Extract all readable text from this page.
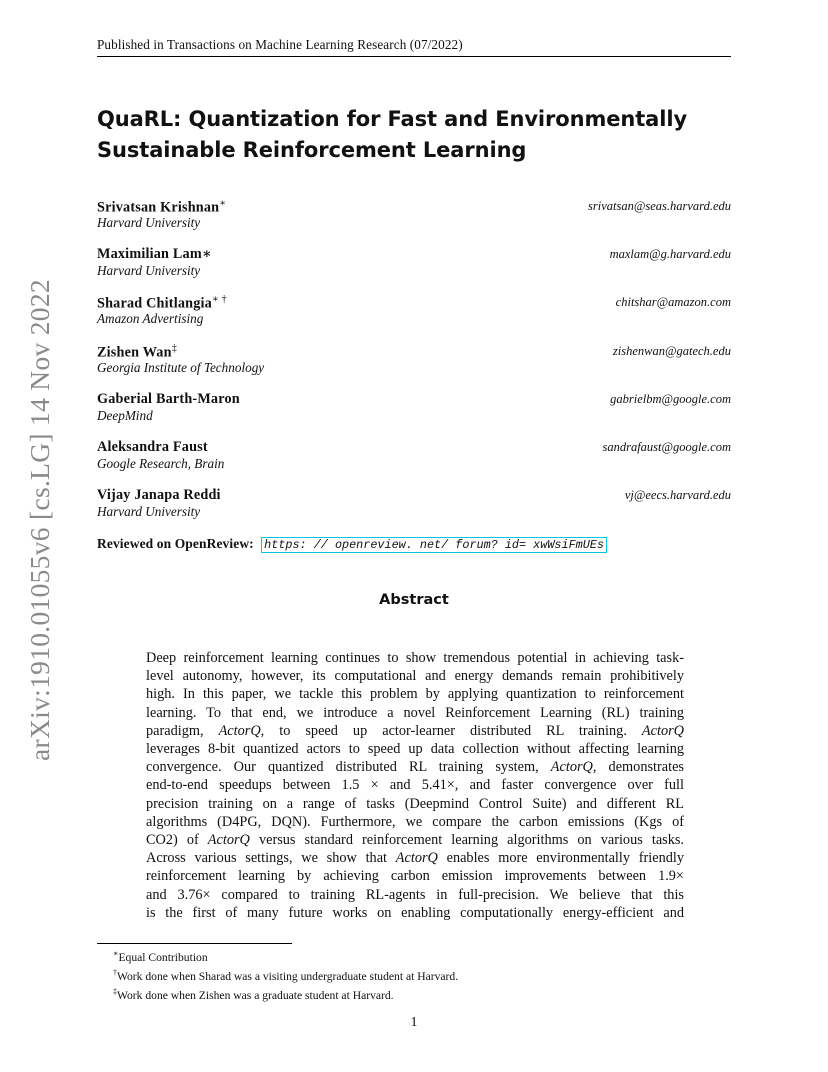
Published in Transactions on Machine Learning Research (07/2022)
arXiv:1910.01055v6 [cs.LG] 14 Nov 2022
QuaRL: Quantization for Fast and Environmentally
Sustainable Reinforcement Learning
Srivatsan Krishnan∗
Harvard University
srivatsan@seas.harvard.edu
Maximilian Lam∗
Harvard University
maxlam@g.harvard.edu
Sharad Chitlangia∗ †
Amazon Advertising
chitshar@amazon.com
Zishen Wan‡
Georgia Institute of Technology
zishenwan@gatech.edu
Gaberial Barth-Maron
DeepMind
gabrielbm@google.com
Aleksandra Faust
Google Research, Brain
sandrafaust@google.com
Vijay Janapa Reddi
Harvard University
vj@eecs.harvard.edu
Reviewed on OpenReview: https: // openreview. net/ forum? id= xwWsiFmUEs
Abstract
Deep reinforcement learning continues to show tremendous potential in achieving task-
level autonomy, however, its computational and energy demands remain prohibitively
high. In this paper, we tackle this problem by applying quantization to reinforcement
learning. To that end, we introduce a novel Reinforcement Learning (RL) training
paradigm, ActorQ, to speed up actor-learner distributed RL training. ActorQ
leverages 8-bit quantized actors to speed up data collection without affecting learning
convergence. Our quantized distributed RL training system, ActorQ, demonstrates
end-to-end speedups between 1.5 × and 5.41×, and faster convergence over full
precision training on a range of tasks (Deepmind Control Suite) and different RL
algorithms (D4PG, DQN). Furthermore, we compare the carbon emissions (Kgs of
CO2) of ActorQ versus standard reinforcement learning algorithms on various tasks.
Across various settings, we show that ActorQ enables more environmentally friendly
reinforcement learning by achieving carbon emission improvements between 1.9×
and 3.76× compared to training RL-agents in full-precision. We believe that this
is the first of many future works on enabling computationally energy-efficient and
∗Equal Contribution
†Work done when Sharad was a visiting undergraduate student at Harvard.
‡Work done when Zishen was a graduate student at Harvard.
1
